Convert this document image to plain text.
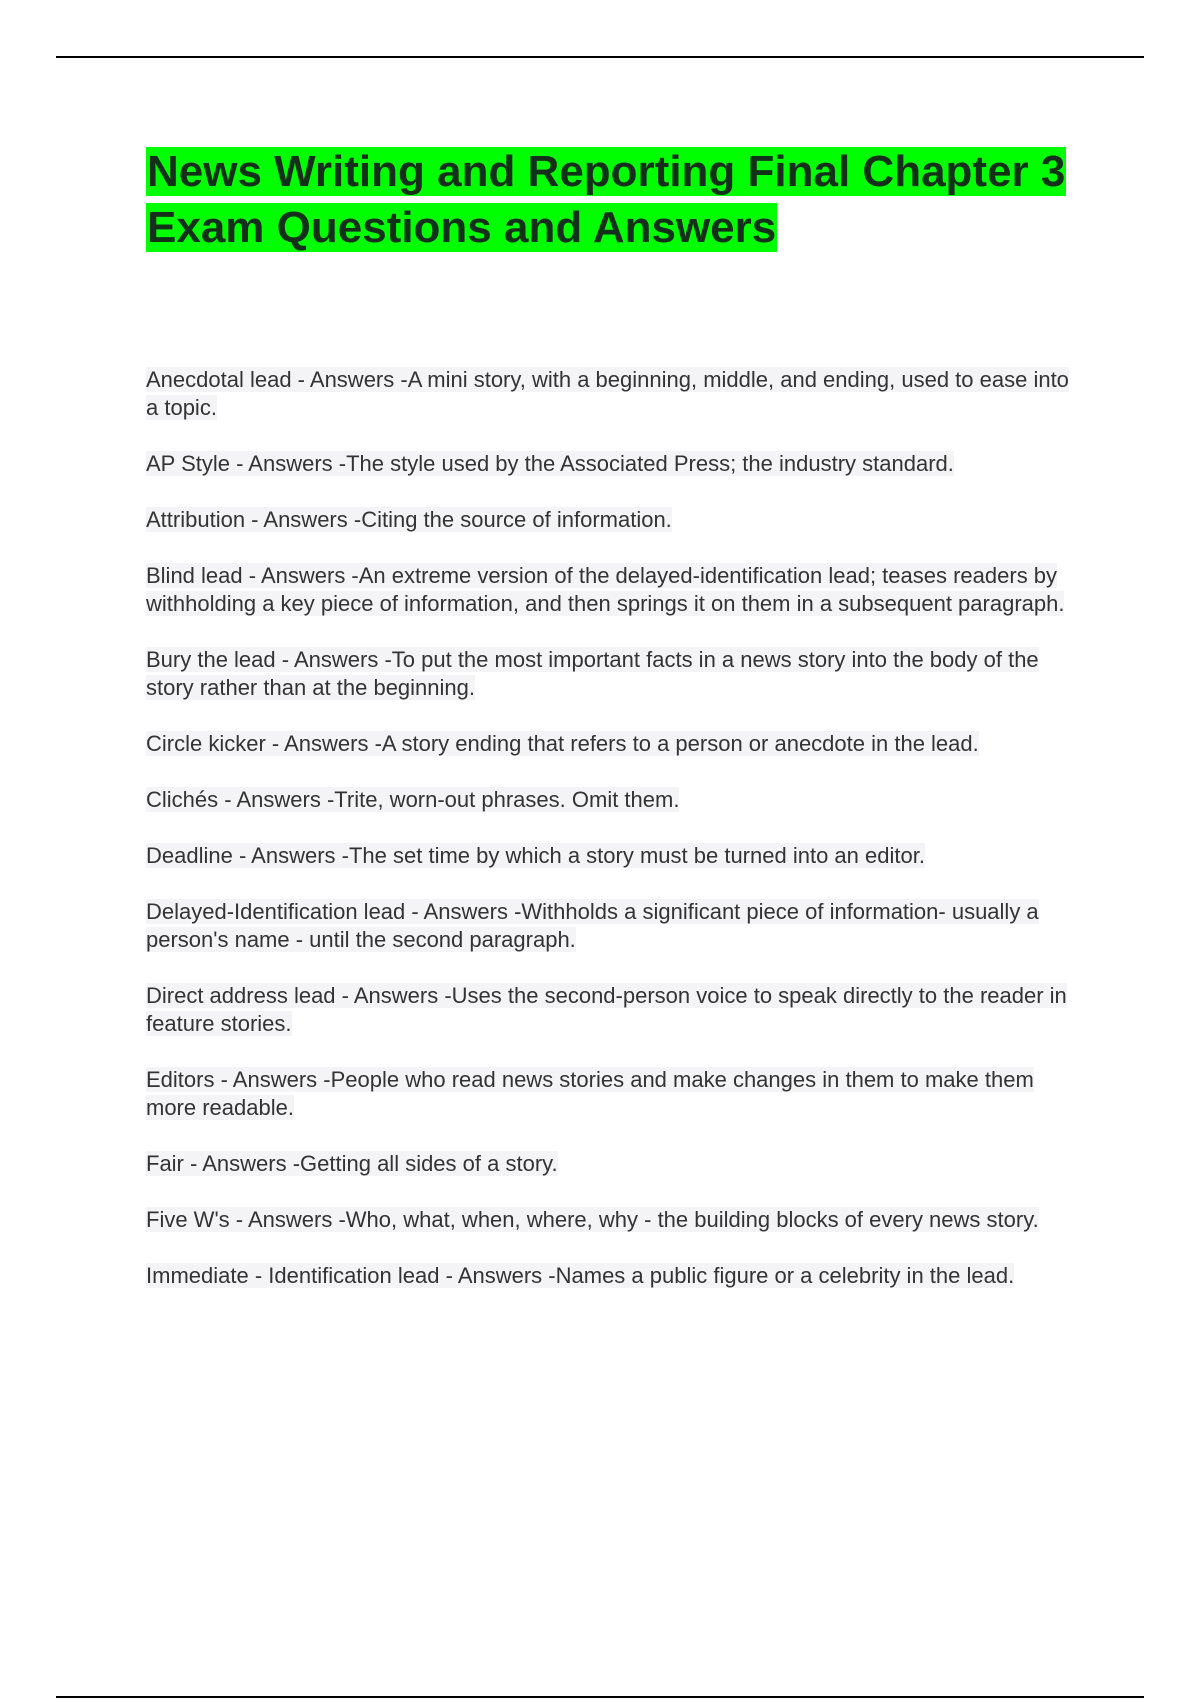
News Writing and Reporting Final Chapter 3 Exam Questions and Answers

Anecdotal lead - Answers -A mini story, with a beginning, middle, and ending, used to ease into a topic.

AP Style - Answers -The style used by the Associated Press; the industry standard.

Attribution - Answers -Citing the source of information.

Blind lead - Answers -An extreme version of the delayed-identification lead; teases readers by withholding a key piece of information, and then springs it on them in a subsequent paragraph.

Bury the lead - Answers -To put the most important facts in a news story into the body of the story rather than at the beginning.

Circle kicker - Answers -A story ending that refers to a person or anecdote in the lead.

Clichés - Answers -Trite, worn-out phrases. Omit them.

Deadline - Answers -The set time by which a story must be turned into an editor.

Delayed-Identification lead - Answers -Withholds a significant piece of information- usually a person's name - until the second paragraph.

Direct address lead - Answers -Uses the second-person voice to speak directly to the reader in feature stories.

Editors - Answers -People who read news stories and make changes in them to make them more readable.

Fair - Answers -Getting all sides of a story.

Five W's - Answers -Who, what, when, where, why - the building blocks of every news story.

Immediate - Identification lead - Answers -Names a public figure or a celebrity in the lead.
